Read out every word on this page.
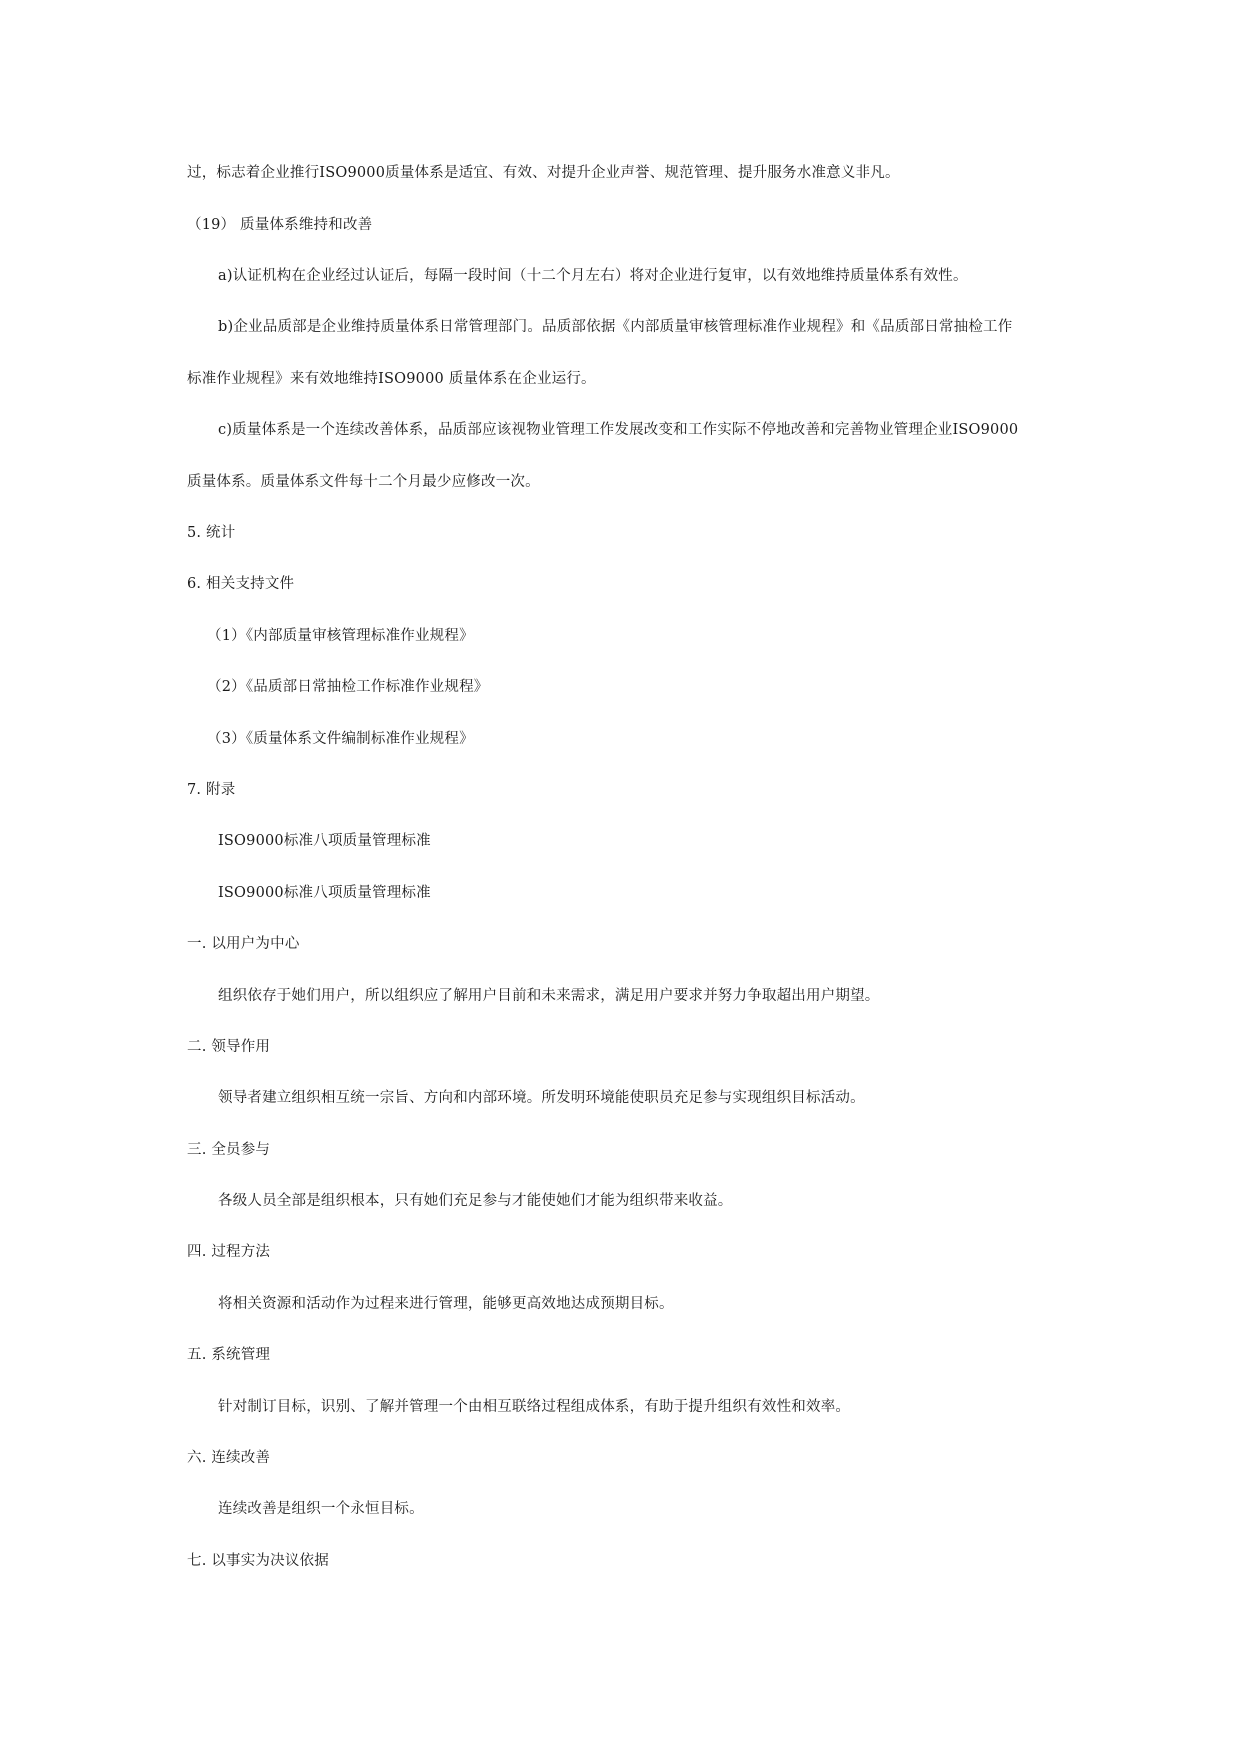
过，标志着企业推行ISO9000质量体系是适宜、有效、对提升企业声誉、规范管理、提升服务水准意义非凡。
（19） 质量体系维持和改善
a)认证机构在企业经过认证后，每隔一段时间（十二个月左右）将对企业进行复审，以有效地维持质量体系有效性。
b)企业品质部是企业维持质量体系日常管理部门。品质部依据《内部质量审核管理标准作业规程》和《品质部日常抽检工作
标准作业规程》来有效地维持ISO9000 质量体系在企业运行。
c)质量体系是一个连续改善体系，品质部应该视物业管理工作发展改变和工作实际不停地改善和完善物业管理企业ISO9000
质量体系。质量体系文件每十二个月最少应修改一次。
5. 统计
6. 相关支持文件
（1）《内部质量审核管理标准作业规程》
（2）《品质部日常抽检工作标准作业规程》
（3）《质量体系文件编制标准作业规程》
7. 附录
ISO9000标准八项质量管理标准
ISO9000标准八项质量管理标准
一. 以用户为中心
组织依存于她们用户，所以组织应了解用户目前和未来需求，满足用户要求并努力争取超出用户期望。
二. 领导作用
领导者建立组织相互统一宗旨、方向和内部环境。所发明环境能使职员充足参与实现组织目标活动。
三. 全员参与
各级人员全部是组织根本，只有她们充足参与才能使她们才能为组织带来收益。
四. 过程方法
将相关资源和活动作为过程来进行管理，能够更高效地达成预期目标。
五. 系统管理
针对制订目标，识别、了解并管理一个由相互联络过程组成体系，有助于提升组织有效性和效率。
六. 连续改善
连续改善是组织一个永恒目标。
七. 以事实为决议依据
